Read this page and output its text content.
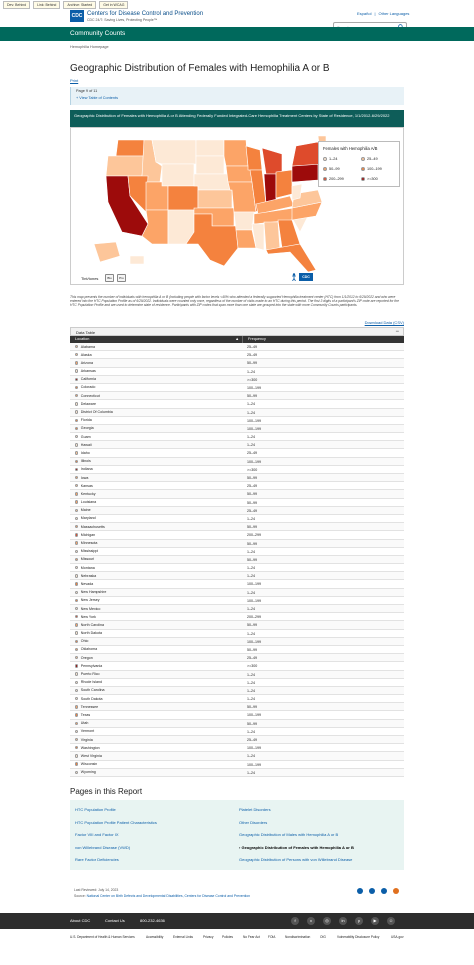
Dev: Behind	Link: Behind	Archive: Started	Get in WCAG
CDC Centers for Disease Control and Prevention
CDC 24/7: Saving Lives, Protecting People™
Español | Other Languages
Community Counts
Hemophilia Homepage
Geographic Distribution of Females with Hemophilia A or B
Print
Page 9 of 11
+ View Table of Contents
Geographic Distribution of Females with Hemophilia A or B Attending Federally Funded Integrated-Care Hemophilia Treatment Centers by State of Residence, 1/1/2012-6/29/2022
Females with Hemophilia A/B
1–24	25–49
50–99	100–199
200–299	>=300
Tint/tones	Blu	Pro	CDC
This map presents the number of individuals with hemophilia A or B (including people with factor levels <40% who attended a federally supported Hemophilia treatment center (HTC) from 1/1/2012 to 6/29/2022 and who were entered into the HTC Population Profile as of 6/29/2022. Individuals were counted only once, regardless of the number of visits made to an HTC during this period. The first 3 digits of a participant's ZIP code are reported for the HTC Population Profile and are used to determine state of residence. Participants with ZIP codes that span more than one state are grouped into the state with more Community Counts participants.
Download Data (CSV)
Data Table	−
Location	▲	Frequency
Alabama	25–49
Alaska	25–49
Arizona	50–99
Arkansas	1–24
California	>=300
Colorado	100–199
Connecticut	50–99
Delaware	1–24
District Of Columbia	1–24
Florida	100–199
Georgia	100–199
Guam	1–24
Hawaii	1–24
Idaho	25–49
Illinois	100–199
Indiana	>=300
Iowa	50–99
Kansas	25–49
Kentucky	50–99
Louisiana	50–99
Maine	25–49
Maryland	1–24
Massachusetts	50–99
Michigan	200–299
Minnesota	50–99
Mississippi	1–24
Missouri	50–99
Montana	1–24
Nebraska	1–24
Nevada	100–199
New Hampshire	1–24
New Jersey	100–199
New Mexico	1–24
New York	200–299
North Carolina	50–99
North Dakota	1–24
Ohio	100–199
Oklahoma	50–99
Oregon	25–49
Pennsylvania	>=300
Puerto Rico	1–24
Rhode Island	1–24
South Carolina	1–24
South Dakota	1–24
Tennessee	50–99
Texas	100–199
Utah	50–99
Vermont	1–24
Virginia	25–49
Washington	100–199
West Virginia	1–24
Wisconsin	100–199
Wyoming	1–24
Pages in this Report
HTC Population Profile
HTC Population Profile Patient Characteristics
Factor VIII and Factor IX
von Willebrand Disease (VWD)
Rare Factor Deficiencies
Platelet Disorders
Other Disorders
Geographic Distribution of Males with Hemophilia A or B
› Geographic Distribution of Females with Hemophilia A or B
Geographic Distribution of Persons with von Willebrand Disease
Last Reviewed: July 14, 2023
Source: National Center on Birth Defects and Developmental Disabilities, Centers for Disease Control and Prevention
About CDC	Contact Us	800-232-4636	f	x	◎	in	p	▶	☺
U.S. Department of Health & Human Services	Accessibility	External Links	Privacy	Policies	No Fear Act	FOIA	Nondiscrimination	OIG	Vulnerability Disclosure Policy	USA.gov
